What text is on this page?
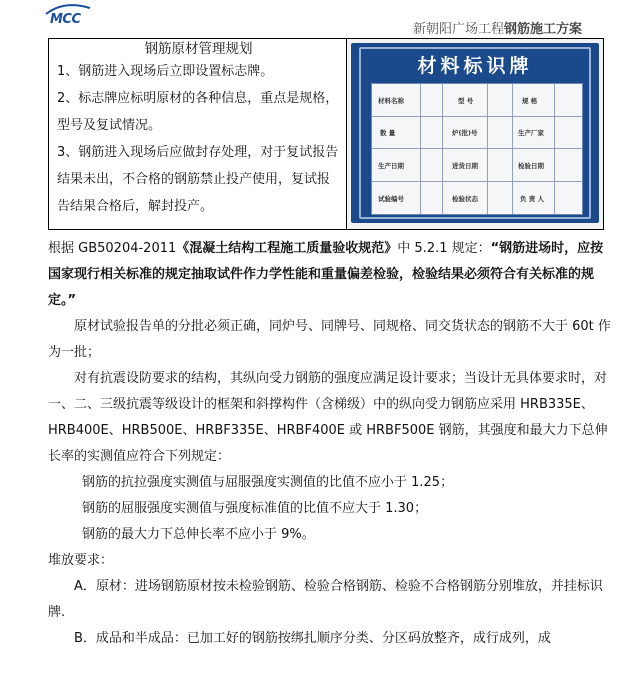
MCC
新朝阳广场工程钢筋施工方案
钢筋原材管理规划

1、钢筋进入现场后立即设置标志牌。

2、标志牌应标明原材的各种信息，重点是规格，型号及复试情况。

3、钢筋进入现场后应做封存处理，对于复试报告结果未出，不合格的钢筋禁止投产使用，复试报告结果合格后，解封投产。

材料标识牌
材料名称	型 号	规 格
数 量	炉(批)号	生产厂家
生产日期	进货日期	检验日期
试验编号	检验状态	负 责 人

根据 GB50204-2011《混凝土结构工程施工质量验收规范》中 5.2.1 规定：“钢筋进场时，应按国家现行相关标准的规定抽取试件作力学性能和重量偏差检验，检验结果必须符合有关标准的规定。”

原材试验报告单的分批必须正确，同炉号、同牌号、同规格、同交货状态的钢筋不大于 60t 作为一批；

对有抗震设防要求的结构，其纵向受力钢筋的强度应满足设计要求；当设计无具体要求时，对一、二、三级抗震等级设计的框架和斜撑构件（含梯级）中的纵向受力钢筋应采用 HRB335E、HRB400E、HRB500E、HRBF335E、HRBF400E 或 HRBF500E 钢筋，其强度和最大力下总伸长率的实测值应符合下列规定：

钢筋的抗拉强度实测值与屈服强度实测值的比值不应小于 1.25；

钢筋的屈服强度实测值与强度标准值的比值不应大于 1.30；

钢筋的最大力下总伸长率不应小于 9%。

堆放要求：

A．原材：进场钢筋原材按未检验钢筋、检验合格钢筋、检验不合格钢筋分别堆放，并挂标识牌.

B．成品和半成品：已加工好的钢筋按绑扎顺序分类、分区码放整齐，成行成列，成
